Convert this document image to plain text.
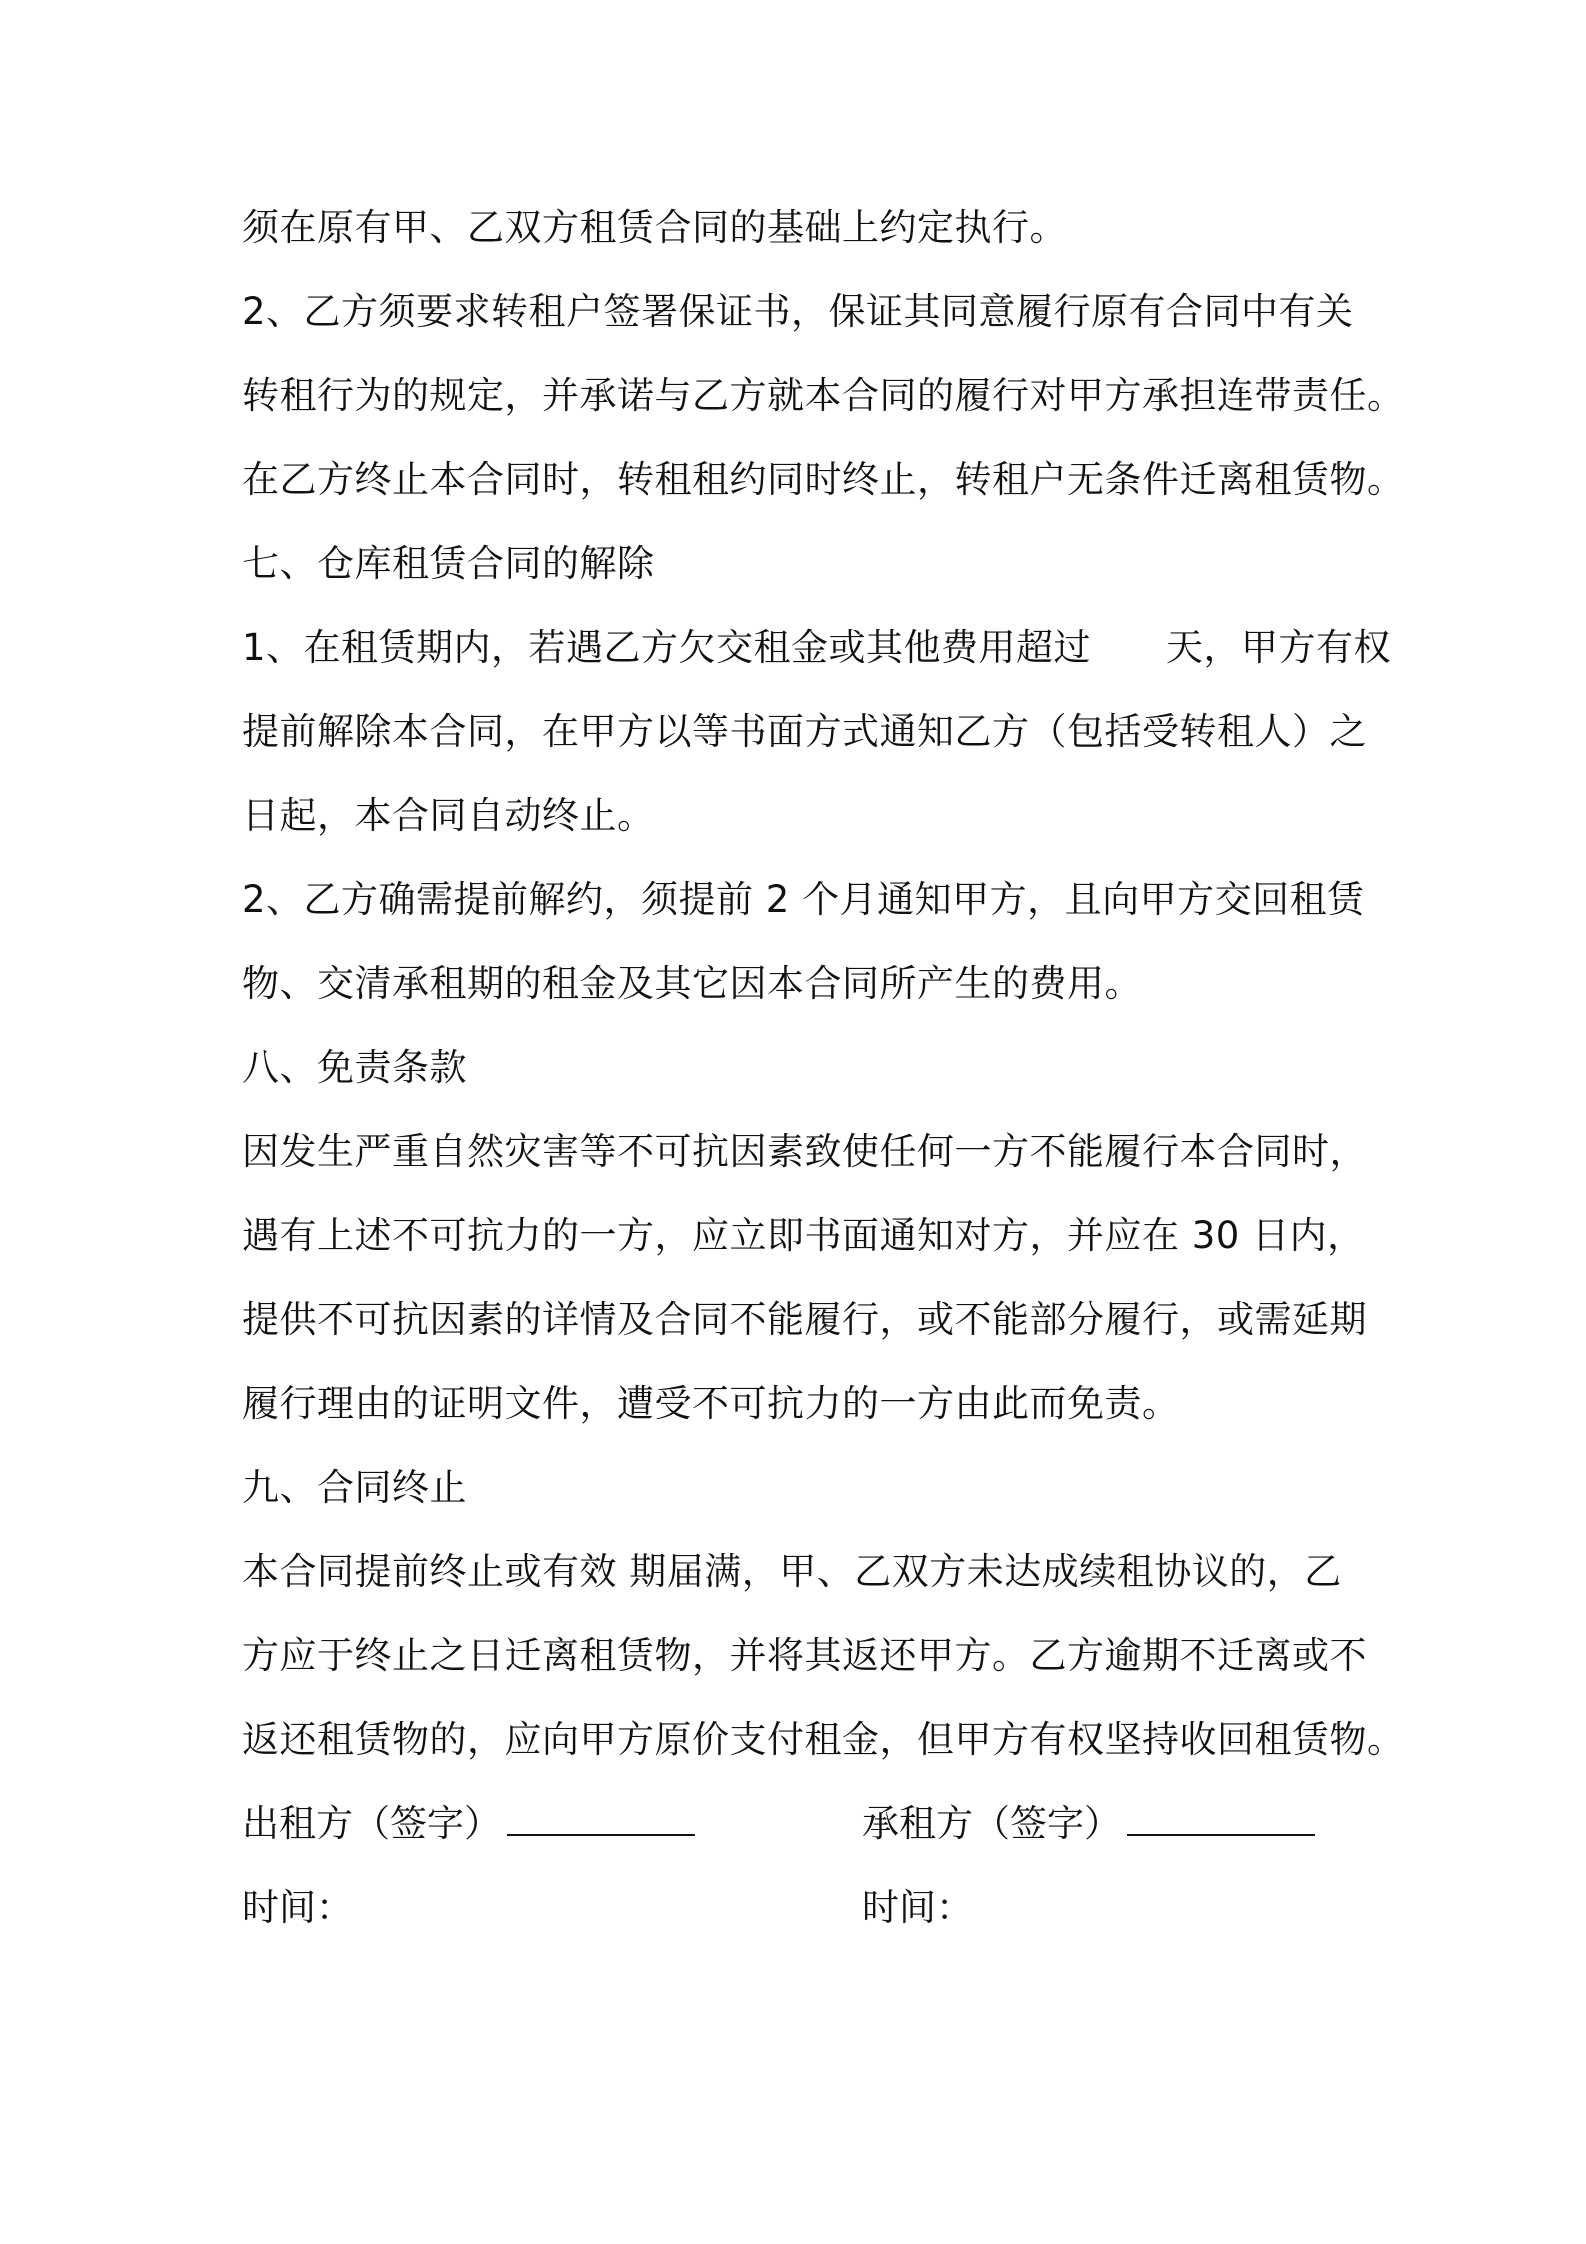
须在原有甲、乙双方租赁合同的基础上约定执行。
2、乙方须要求转租户签署保证书，保证其同意履行原有合同中有关
转租行为的规定，并承诺与乙方就本合同的履行对甲方承担连带责任。
在乙方终止本合同时，转租租约同时终止，转租户无条件迁离租赁物。
七、仓库租赁合同的解除
1、在租赁期内，若遇乙方欠交租金或其他费用超过　　天，甲方有权
提前解除本合同，在甲方以等书面方式通知乙方（包括受转租人）之
日起，本合同自动终止。
2、乙方确需提前解约，须提前 2 个月通知甲方，且向甲方交回租赁
物、交清承租期的租金及其它因本合同所产生的费用。
八、免责条款
因发生严重自然灾害等不可抗因素致使任何一方不能履行本合同时，
遇有上述不可抗力的一方，应立即书面通知对方，并应在 30 日内，
提供不可抗因素的详情及合同不能履行，或不能部分履行，或需延期
履行理由的证明文件，遭受不可抗力的一方由此而免责。
九、合同终止
本合同提前终止或有效 期届满，甲、乙双方未达成续租协议的，乙
方应于终止之日迁离租赁物，并将其返还甲方。乙方逾期不迁离或不
返还租赁物的，应向甲方原价支付租金，但甲方有权坚持收回租赁物。
出租方（签字）	承租方（签字）
时间：	时间：
